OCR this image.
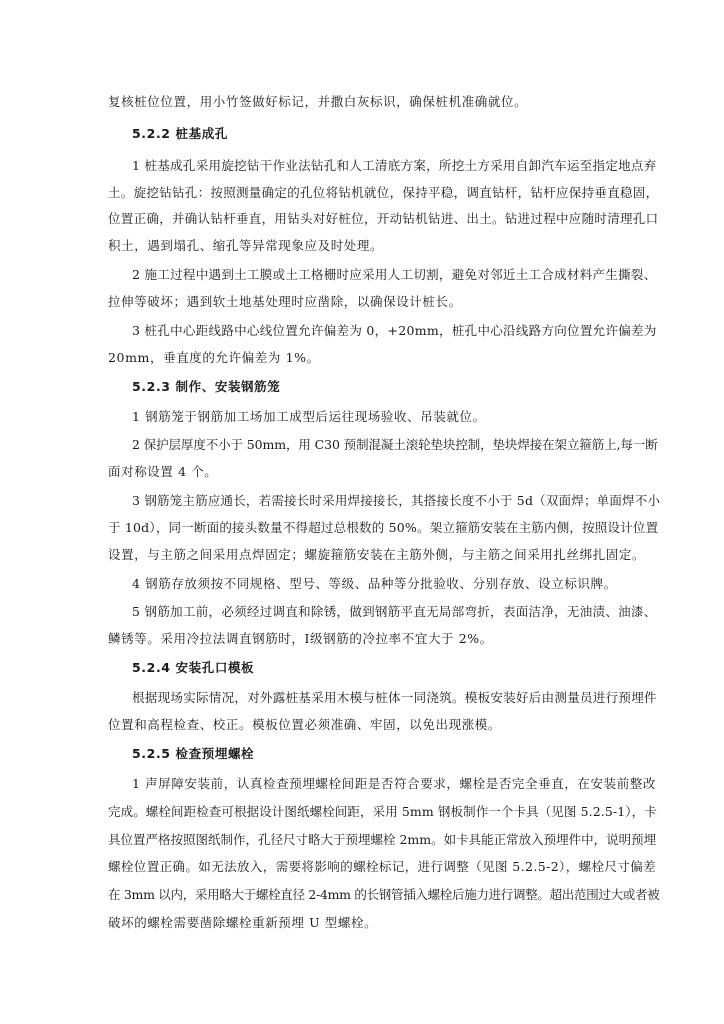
复核桩位位置，用小竹签做好标记，并撒白灰标识，确保桩机准确就位。
5.2.2 桩基成孔
1 桩基成孔采用旋挖钻干作业法钻孔和人工清底方案，所挖土方采用自卸汽车运至指定地点弃
土。旋挖钻钻孔：按照测量确定的孔位将钻机就位，保持平稳，调直钻杆，钻杆应保持垂直稳固，
位置正确，并确认钻杆垂直，用钻头对好桩位，开动钻机钻进、出土。钻进过程中应随时清理孔口
积土，遇到塌孔、缩孔等异常现象应及时处理。
2 施工过程中遇到土工膜或土工格栅时应采用人工切割，避免对邻近土工合成材料产生撕裂、
拉伸等破坏；遇到软土地基处理时应凿除，以确保设计桩长。
3 桩孔中心距线路中心线位置允许偏差为 0，+20mm，桩孔中心沿线路方向位置允许偏差为
20mm，垂直度的允许偏差为 1%。
5.2.3 制作、安装钢筋笼
1 钢筋笼于钢筋加工场加工成型后运往现场验收、吊装就位。
2 保护层厚度不小于 50mm，用 C30 预制混凝土滚轮垫块控制，垫块焊接在架立箍筋上,每一断
面对称设置 4 个。
3 钢筋笼主筋应通长，若需接长时采用焊接接长，其搭接长度不小于 5d（双面焊；单面焊不小
于 10d），同一断面的接头数量不得超过总根数的 50%。架立箍筋安装在主筋内侧，按照设计位置
设置，与主筋之间采用点焊固定；螺旋箍筋安装在主筋外侧，与主筋之间采用扎丝绑扎固定。
4 钢筋存放须按不同规格、型号、等级、品种等分批验收、分别存放、设立标识牌。
5 钢筋加工前，必须经过调直和除锈，做到钢筋平直无局部弯折，表面洁净，无油渍、油漆、
鳞锈等。采用冷拉法调直钢筋时，Ⅰ级钢筋的冷拉率不宜大于 2%。
5.2.4 安装孔口模板
根据现场实际情况，对外露桩基采用木模与桩体一同浇筑。模板安装好后由测量员进行预埋件
位置和高程检查、校正。模板位置必须准确、牢固，以免出现涨模。
5.2.5 检查预埋螺栓
1 声屏障安装前，认真检查预埋螺栓间距是否符合要求，螺栓是否完全垂直，在安装前整改
完成。螺栓间距检查可根据设计图纸螺栓间距，采用 5mm 钢板制作一个卡具（见图 5.2.5-1），卡
具位置严格按照图纸制作，孔径尺寸略大于预埋螺栓 2mm。如卡具能正常放入预埋件中，说明预埋
螺栓位置正确。如无法放入，需要将影响的螺栓标记，进行调整（见图 5.2.5-2），螺栓尺寸偏差
在 3mm 以内，采用略大于螺栓直径 2-4mm 的长钢管插入螺栓后施力进行调整。超出范围过大或者被
破坏的螺栓需要凿除螺栓重新预埋 U 型螺栓。
